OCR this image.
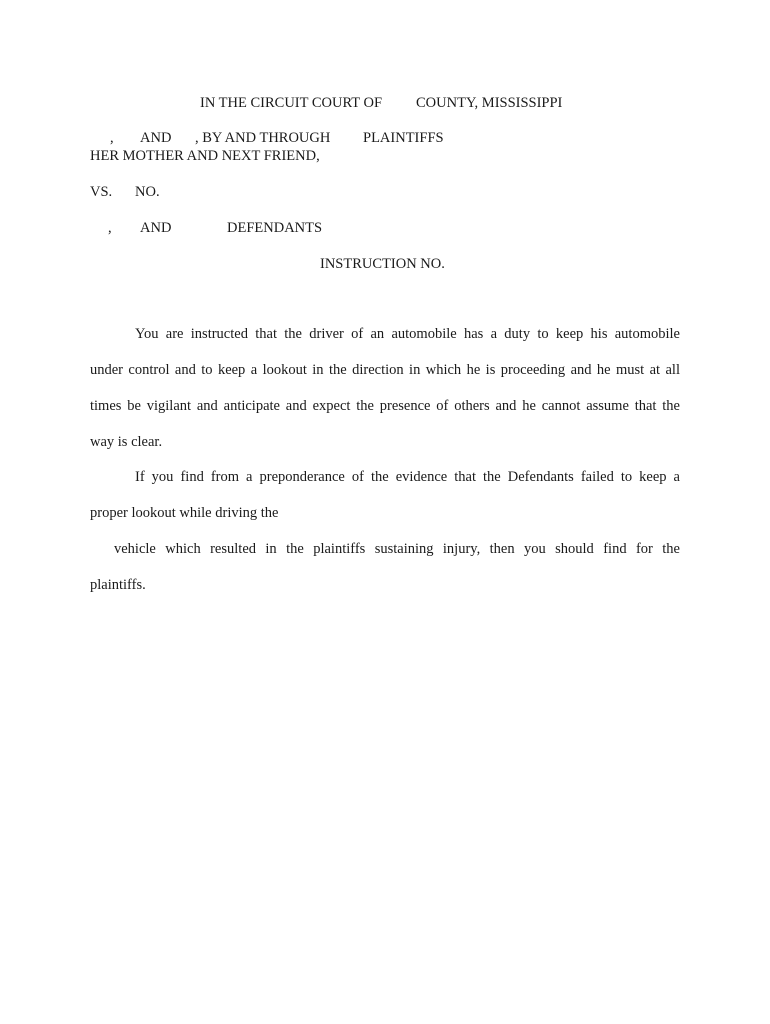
IN THE CIRCUIT COURT OF COUNTY, MISSISSIPPI
, AND , BY AND THROUGH PLAINTIFFS
HER MOTHER AND NEXT FRIEND,
VS. NO.
, AND	DEFENDANTS
INSTRUCTION NO.
You are instructed that the driver of an automobile has a duty to keep his automobile
under control and to keep a lookout in the direction in which he is proceeding and he must at all
times be vigilant and anticipate and expect the presence of others and he cannot assume that the
way is clear.
If you find from a preponderance of the evidence that the Defendants failed to keep a
proper lookout while driving the
vehicle which resulted in the plaintiffs sustaining injury, then you should find for the
plaintiffs.
